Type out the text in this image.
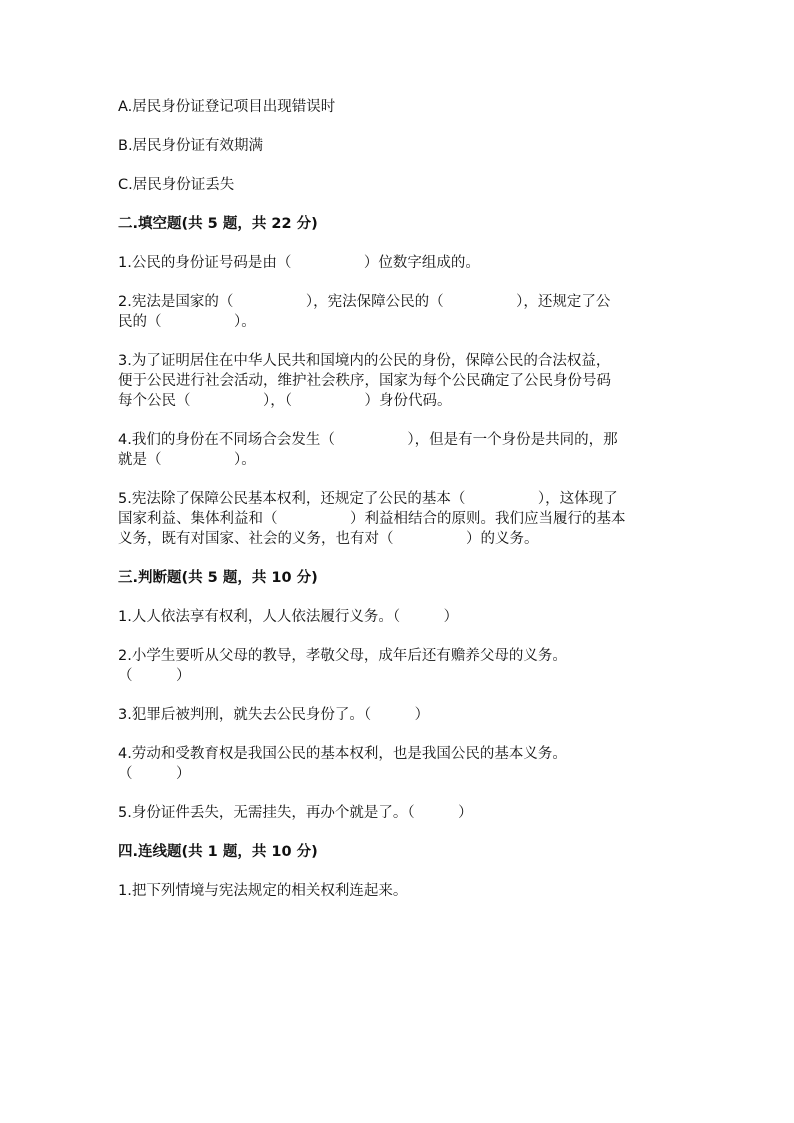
A.居民身份证登记项目出现错误时

B.居民身份证有效期满

C.居民身份证丢失

二.填空题(共 5 题，共 22 分)

1.公民的身份证号码是由（　　　　　）位数字组成的。

2.宪法是国家的（　　　　　），宪法保障公民的（　　　　　），还规定了公

民的（　　　　　）。

3.为了证明居住在中华人民共和国境内的公民的身份，保障公民的合法权益，

便于公民进行社会活动，维护社会秩序，国家为每个公民确定了公民身份号码

每个公民（　　　　　），（　　　　　）身份代码。

4.我们的身份在不同场合会发生（　　　　　），但是有一个身份是共同的，那

就是（　　　　　）。

5.宪法除了保障公民基本权利，还规定了公民的基本（　　　　　），这体现了

国家利益、集体利益和（　　　　　）利益相结合的原则。我们应当履行的基本

义务，既有对国家、社会的义务，也有对（　　　　　）的义务。

三.判断题(共 5 题，共 10 分)

1.人人依法享有权利，人人依法履行义务。（　　　）

2.小学生要听从父母的教导，孝敬父母，成年后还有赡养父母的义务。

（　　　）

3.犯罪后被判刑，就失去公民身份了。（　　　）

4.劳动和受教育权是我国公民的基本权利，也是我国公民的基本义务。

（　　　）

5.身份证件丢失，无需挂失，再办个就是了。（　　　）

四.连线题(共 1 题，共 10 分)

1.把下列情境与宪法规定的相关权利连起来。
